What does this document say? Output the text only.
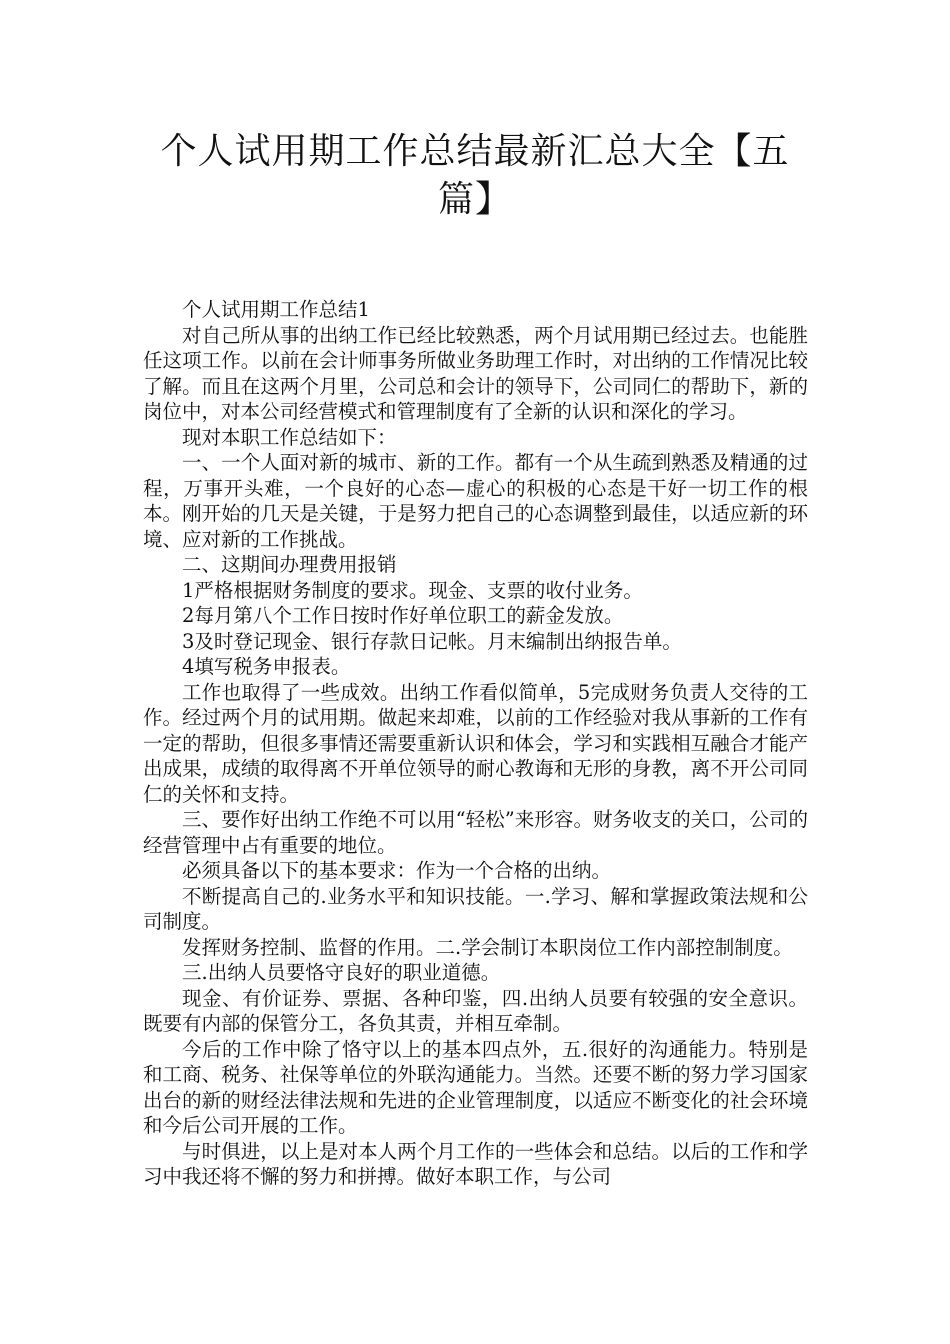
个人试用期工作总结最新汇总大全【五篇】

个人试用期工作总结1

对自己所从事的出纳工作已经比较熟悉，两个月试用期已经过去。也能胜任这项工作。以前在会计师事务所做业务助理工作时，对出纳的工作情况比较了解。而且在这两个月里，公司总和会计的领导下，公司同仁的帮助下，新的岗位中，对本公司经营模式和管理制度有了全新的认识和深化的学习。

现对本职工作总结如下：

一、一个人面对新的城市、新的工作。都有一个从生疏到熟悉及精通的过程，万事开头难，一个良好的心态—虚心的积极的心态是干好一切工作的根本。刚开始的几天是关键，于是努力把自己的心态调整到最佳，以适应新的环境、应对新的工作挑战。

二、这期间办理费用报销

1严格根据财务制度的要求。现金、支票的收付业务。

2每月第八个工作日按时作好单位职工的薪金发放。

3及时登记现金、银行存款日记帐。月末编制出纳报告单。

4填写税务申报表。

工作也取得了一些成效。出纳工作看似简单，5完成财务负责人交待的工作。经过两个月的试用期。做起来却难，以前的工作经验对我从事新的工作有一定的帮助，但很多事情还需要重新认识和体会，学习和实践相互融合才能产出成果，成绩的取得离不开单位领导的耐心教诲和无形的身教，离不开公司同仁的关怀和支持。

三、要作好出纳工作绝不可以用“轻松”来形容。财务收支的关口，公司的经营管理中占有重要的地位。

必须具备以下的基本要求：作为一个合格的出纳。

不断提高自己的.业务水平和知识技能。一.学习、解和掌握政策法规和公司制度。

发挥财务控制、监督的作用。二.学会制订本职岗位工作内部控制制度。

三.出纳人员要恪守良好的职业道德。

现金、有价证券、票据、各种印鉴，四.出纳人员要有较强的安全意识。既要有内部的保管分工，各负其责，并相互牵制。

今后的工作中除了恪守以上的基本四点外，五.很好的沟通能力。特别是和工商、税务、社保等单位的外联沟通能力。当然。还要不断的努力学习国家出台的新的财经法律法规和先进的企业管理制度，以适应不断变化的社会环境和今后公司开展的工作。

与时俱进，以上是对本人两个月工作的一些体会和总结。以后的工作和学习中我还将不懈的努力和拼搏。做好本职工作，与公司
